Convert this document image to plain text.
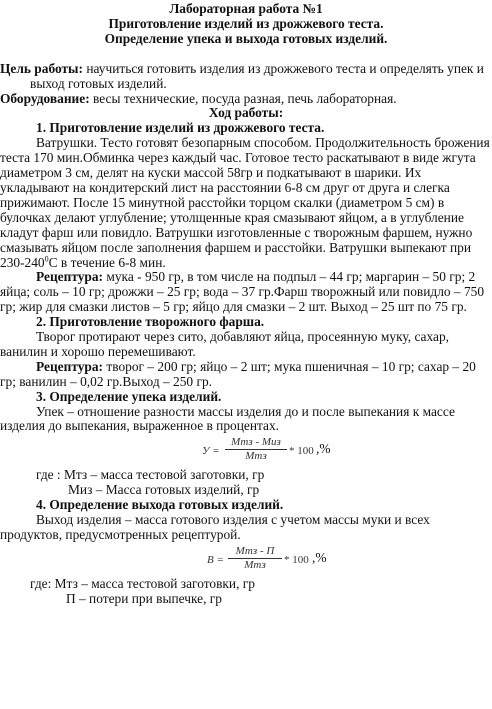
Лабораторная работа №1
Приготовление изделий из дрожжевого теста.
Определение упека и выхода готовых изделий.

Цель работы: научиться готовить изделия из дрожжевого теста и определять упек и выход готовых изделий.

Оборудование: весы технические, посуда разная, печь лабораторная.

Ход работы:

1. Приготовление изделий из дрожжевого теста.

Ватрушки. Тесто готовят безопарным способом. Продолжительность брожения теста 170 мин.Обминка через каждый час. Готовое тесто раскатывают в виде жгута диаметром 3 см, делят на куски массой 58гр и подкатывают в шарики. Их укладывают на кондитерский лист на расстоянии 6-8 см друг от друга и слегка прижимают. После 15 минутной расстойки торцом скалки (диаметром 5 см) в булочках делают углубление; утолщенные края смазывают яйцом, а в углубление кладут фарш или повидло. Ватрушки изготовленные с творожным фаршем, нужно смазывать яйцом после заполнения фаршем и расстойки. Ватрушки выпекают при $230-240^0С$ в течение 6-8 мин.

Рецептура: мука - 950 гр, в том числе на подпыл – 44 гр; маргарин – 50 гр; 2 яйца; соль – 10 гр; дрожжи – 25 гр; вода – 37 гр.Фарш творожный или повидло – 750 гр; жир для смазки листов – 5 гр; яйцо для смазки – 2 шт. Выход – 25 шт по 75 гр.

2. Приготовление творожного фарша.

Творог протирают через сито, добавляют яйца, просеянную муку, сахар, ванилин и хорошо перемешивают.

Рецептура: творог – 200 гр; яйцо – 2 шт; мука пшеничная – 10 гр; сахар – 20 гр; ванилин – 0,02 гр.Выход – 250 гр.

3. Определение упека изделий.

Упек – отношение разности массы изделия до и после выпекания к массе изделия до выпекания, выраженное в процентах.

У =
Мтз - Миз
Мтз	* 100 ,%

где : Мтз – масса тестовой заготовки, гр

Миз – Масса готовых изделий, гр

4. Определение выхода готовых изделий.

Выход изделия – масса готового изделия с учетом массы муки и всех продуктов, предусмотренных рецептурой.

В =
Мтз - П
Мтз	* 100 ,%

где: Мтз – масса тестовой заготовки, гр

П – потери при выпечке, гр
